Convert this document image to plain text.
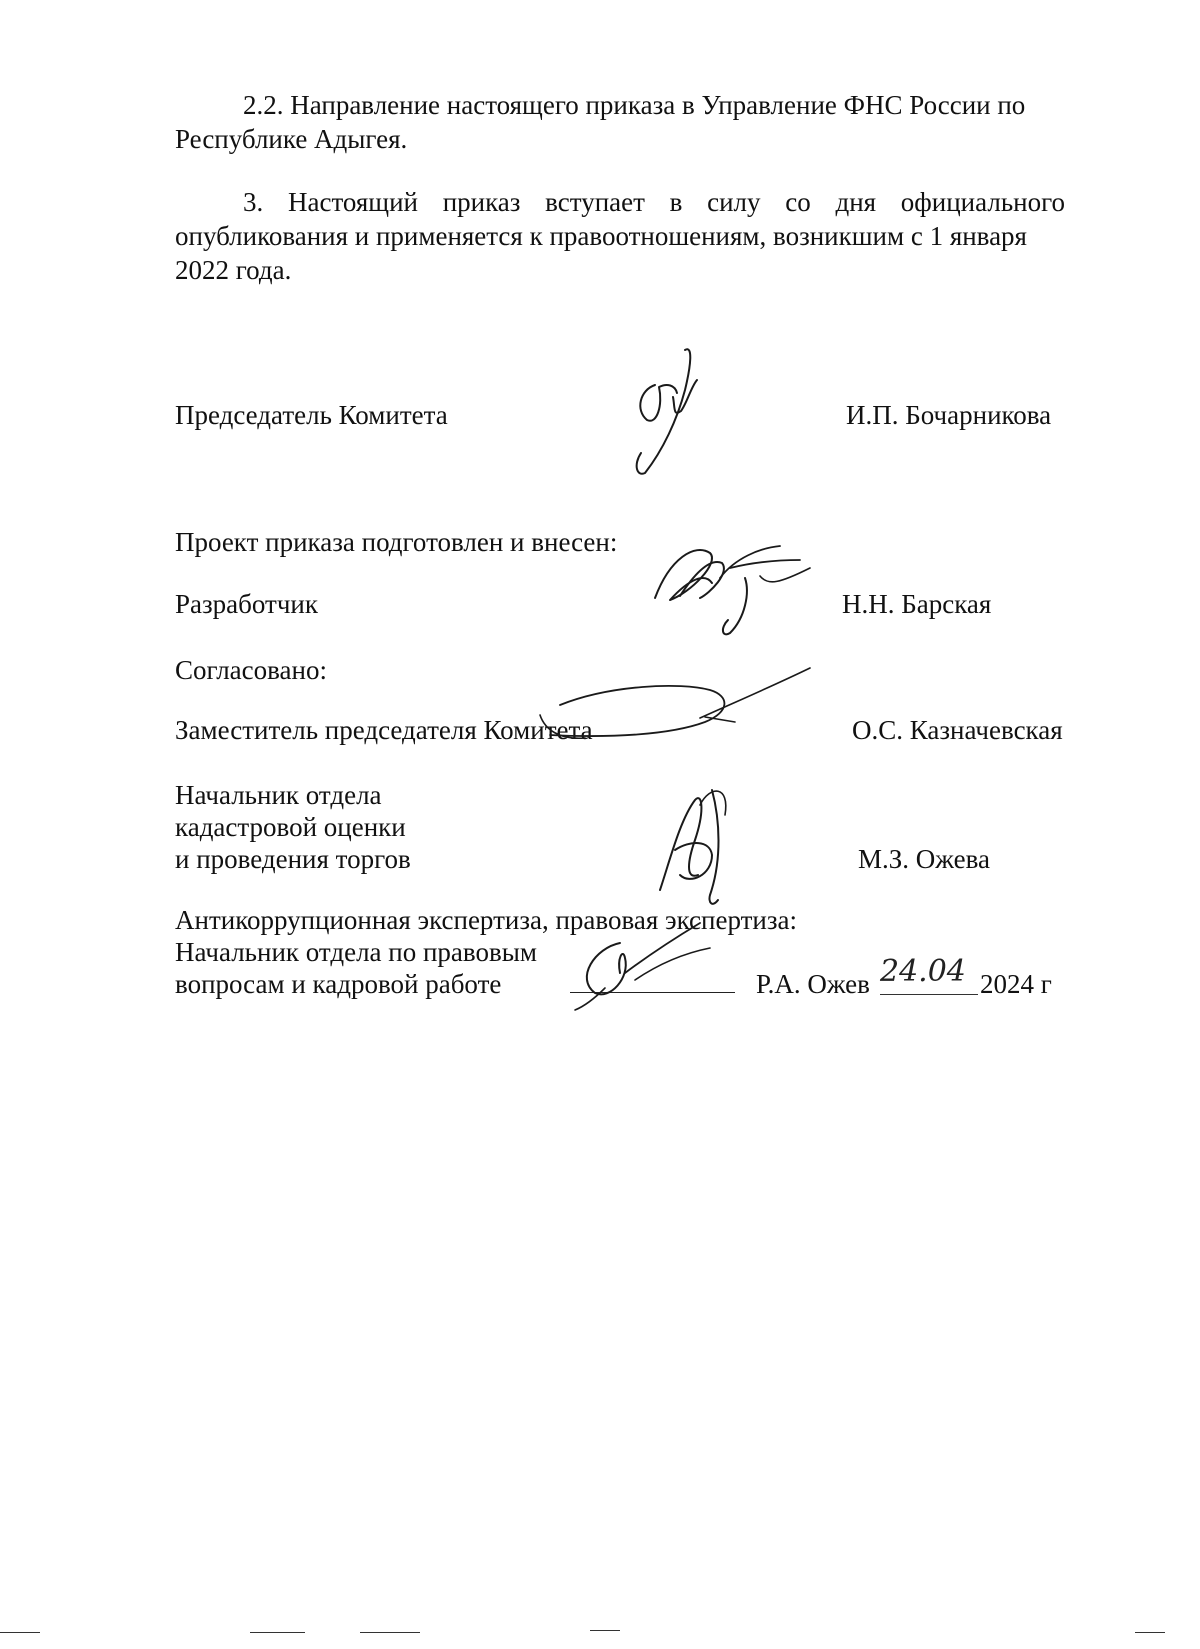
2.2. Направление настоящего приказа в Управление ФНС России по
Республике Адыгея.
3. Настоящий приказ вступает в силу со дня официального
опубликования и применяется к правоотношениям, возникшим с 1 января
2022 года.
Председатель Комитета	И.П. Бочарникова
Проект приказа подготовлен и внесен:
Разработчик	Н.Н. Барская
Согласовано:
Заместитель председателя Комитета	О.С. Казначевская
Начальник отдела
кадастровой оценки
и проведения торгов	М.З. Ожева
Антикоррупционная экспертиза, правовая экспертиза:
Начальник отдела по правовым
вопросам и кадровой работе	Р.А. Ожев 24.04 2024 г
